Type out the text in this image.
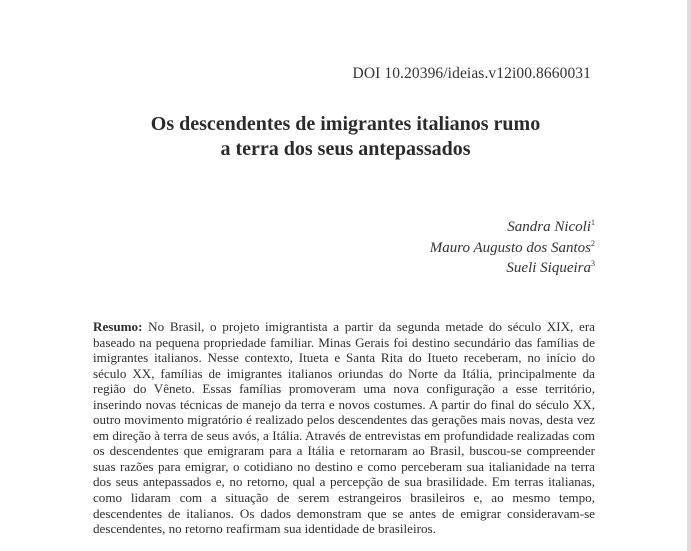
DOI 10.20396/ideias.v12i00.8660031
Os descendentes de imigrantes italianos rumo
a terra dos seus antepassados
Sandra Nicoli$^1$
Mauro Augusto dos Santos$^2$
Sueli Siqueira$^3$
Resumo: No Brasil, o projeto imigrantista a partir da segunda metade do século XIX, era baseado na pequena propriedade familiar. Minas Gerais foi destino secundário das famílias de imigrantes italianos. Nesse contexto, Itueta e Santa Rita do Itueto receberam, no início do século XX, famílias de imigrantes italianos oriundas do Norte da Itália, principalmente da região do Vêneto. Essas famílias promoveram uma nova configuração a esse território, inserindo novas técnicas de manejo da terra e novos costumes. A partir do final do século XX, outro movimento migratório é realizado pelos descendentes das gerações mais novas, desta vez em direção à terra de seus avós, a Itália. Através de entrevistas em profundidade realizadas com os descendentes que emigraram para a Itália e retornaram ao Brasil, buscou-se compreender suas razões para emigrar, o cotidiano no destino e como perceberam sua italianidade na terra dos seus antepassados e, no retorno, qual a percepção de sua brasilidade. Em terras italianas, como lidaram com a situação de serem estrangeiros brasileiros e, ao mesmo tempo, descendentes de italianos. Os dados demonstram que se antes de emigrar consideravam-se descendentes, no retorno reafirmam sua identidade de brasileiros.
